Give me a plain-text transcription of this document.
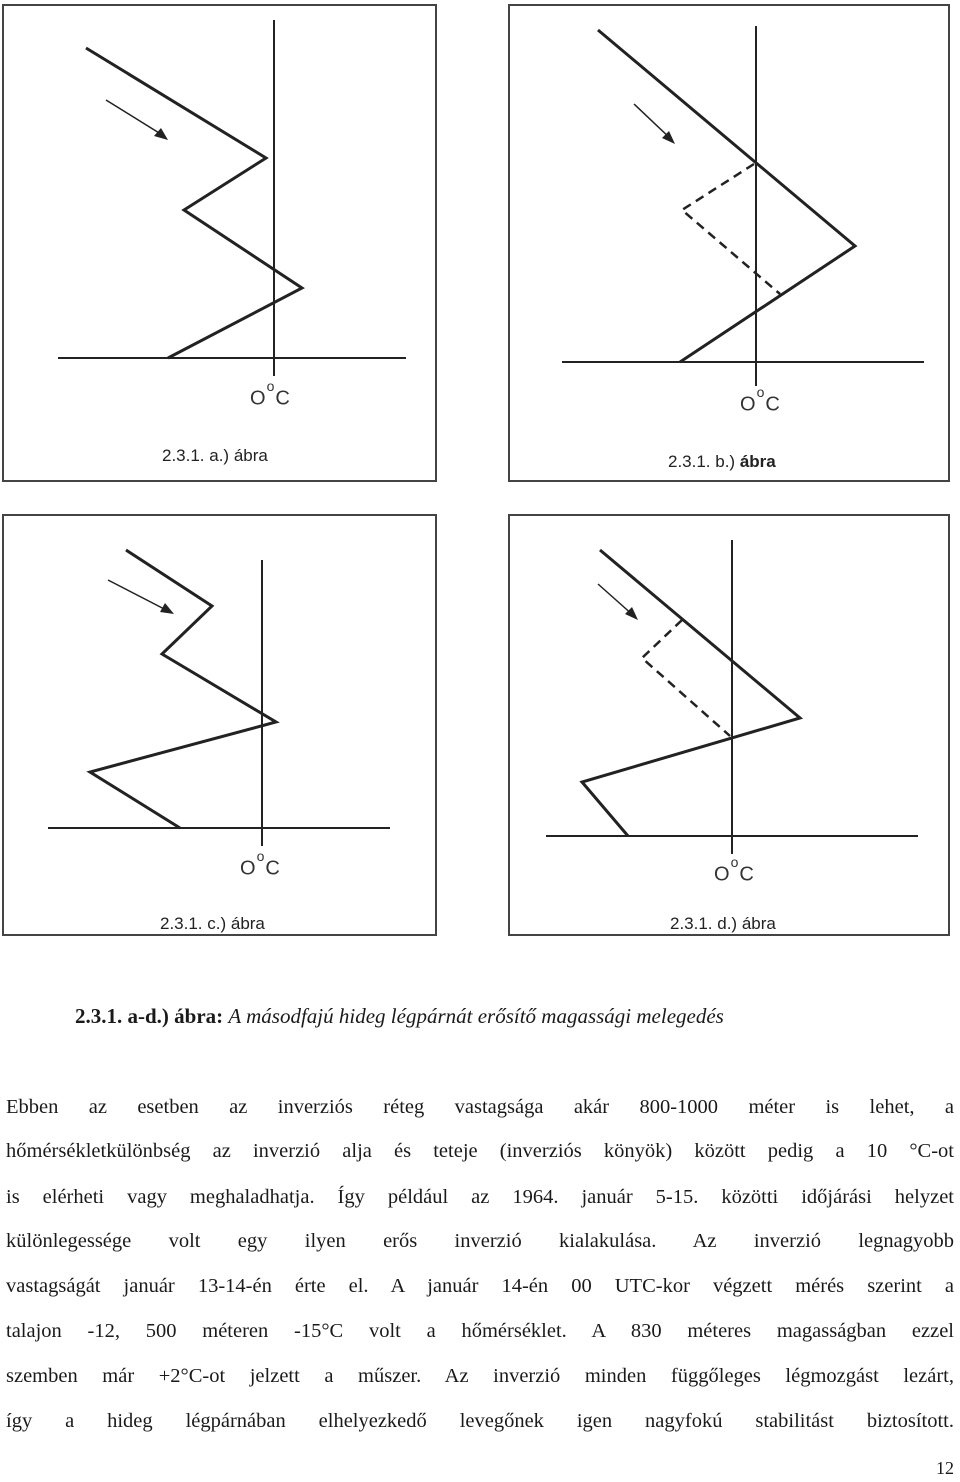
$O^oC$
2.3.1. a.) ábra
$O^oC$
2.3.1. b.) ábra
$O^oC$
2.3.1. c.) ábra
$O^oC$
2.3.1. d.) ábra
2.3.1. a-d.) ábra: A másodfajú hideg légpárnát erősítő magassági melegedés
Ebben az esetben az inverziós réteg vastagsága akár 800-1000 méter is lehet, a
hőmérsékletkülönbség az inverzió alja és teteje (inverziós könyök) között pedig a 10 °C-ot
is elérheti vagy meghaladhatja. Így például az 1964. január 5-15. közötti időjárási helyzet
különlegessége volt egy ilyen erős inverzió kialakulása. Az inverzió legnagyobb
vastagságát január 13-14-én érte el. A január 14-én 00 UTC-kor végzett mérés szerint a
talajon -12, 500 méteren -15°C volt a hőmérséklet. A 830 méteres magasságban ezzel
szemben már +2°C-ot jelzett a műszer. Az inverzió minden függőleges légmozgást lezárt,
így a hideg légpárnában elhelyezkedő levegőnek igen nagyfokú stabilitást biztosított.
12
